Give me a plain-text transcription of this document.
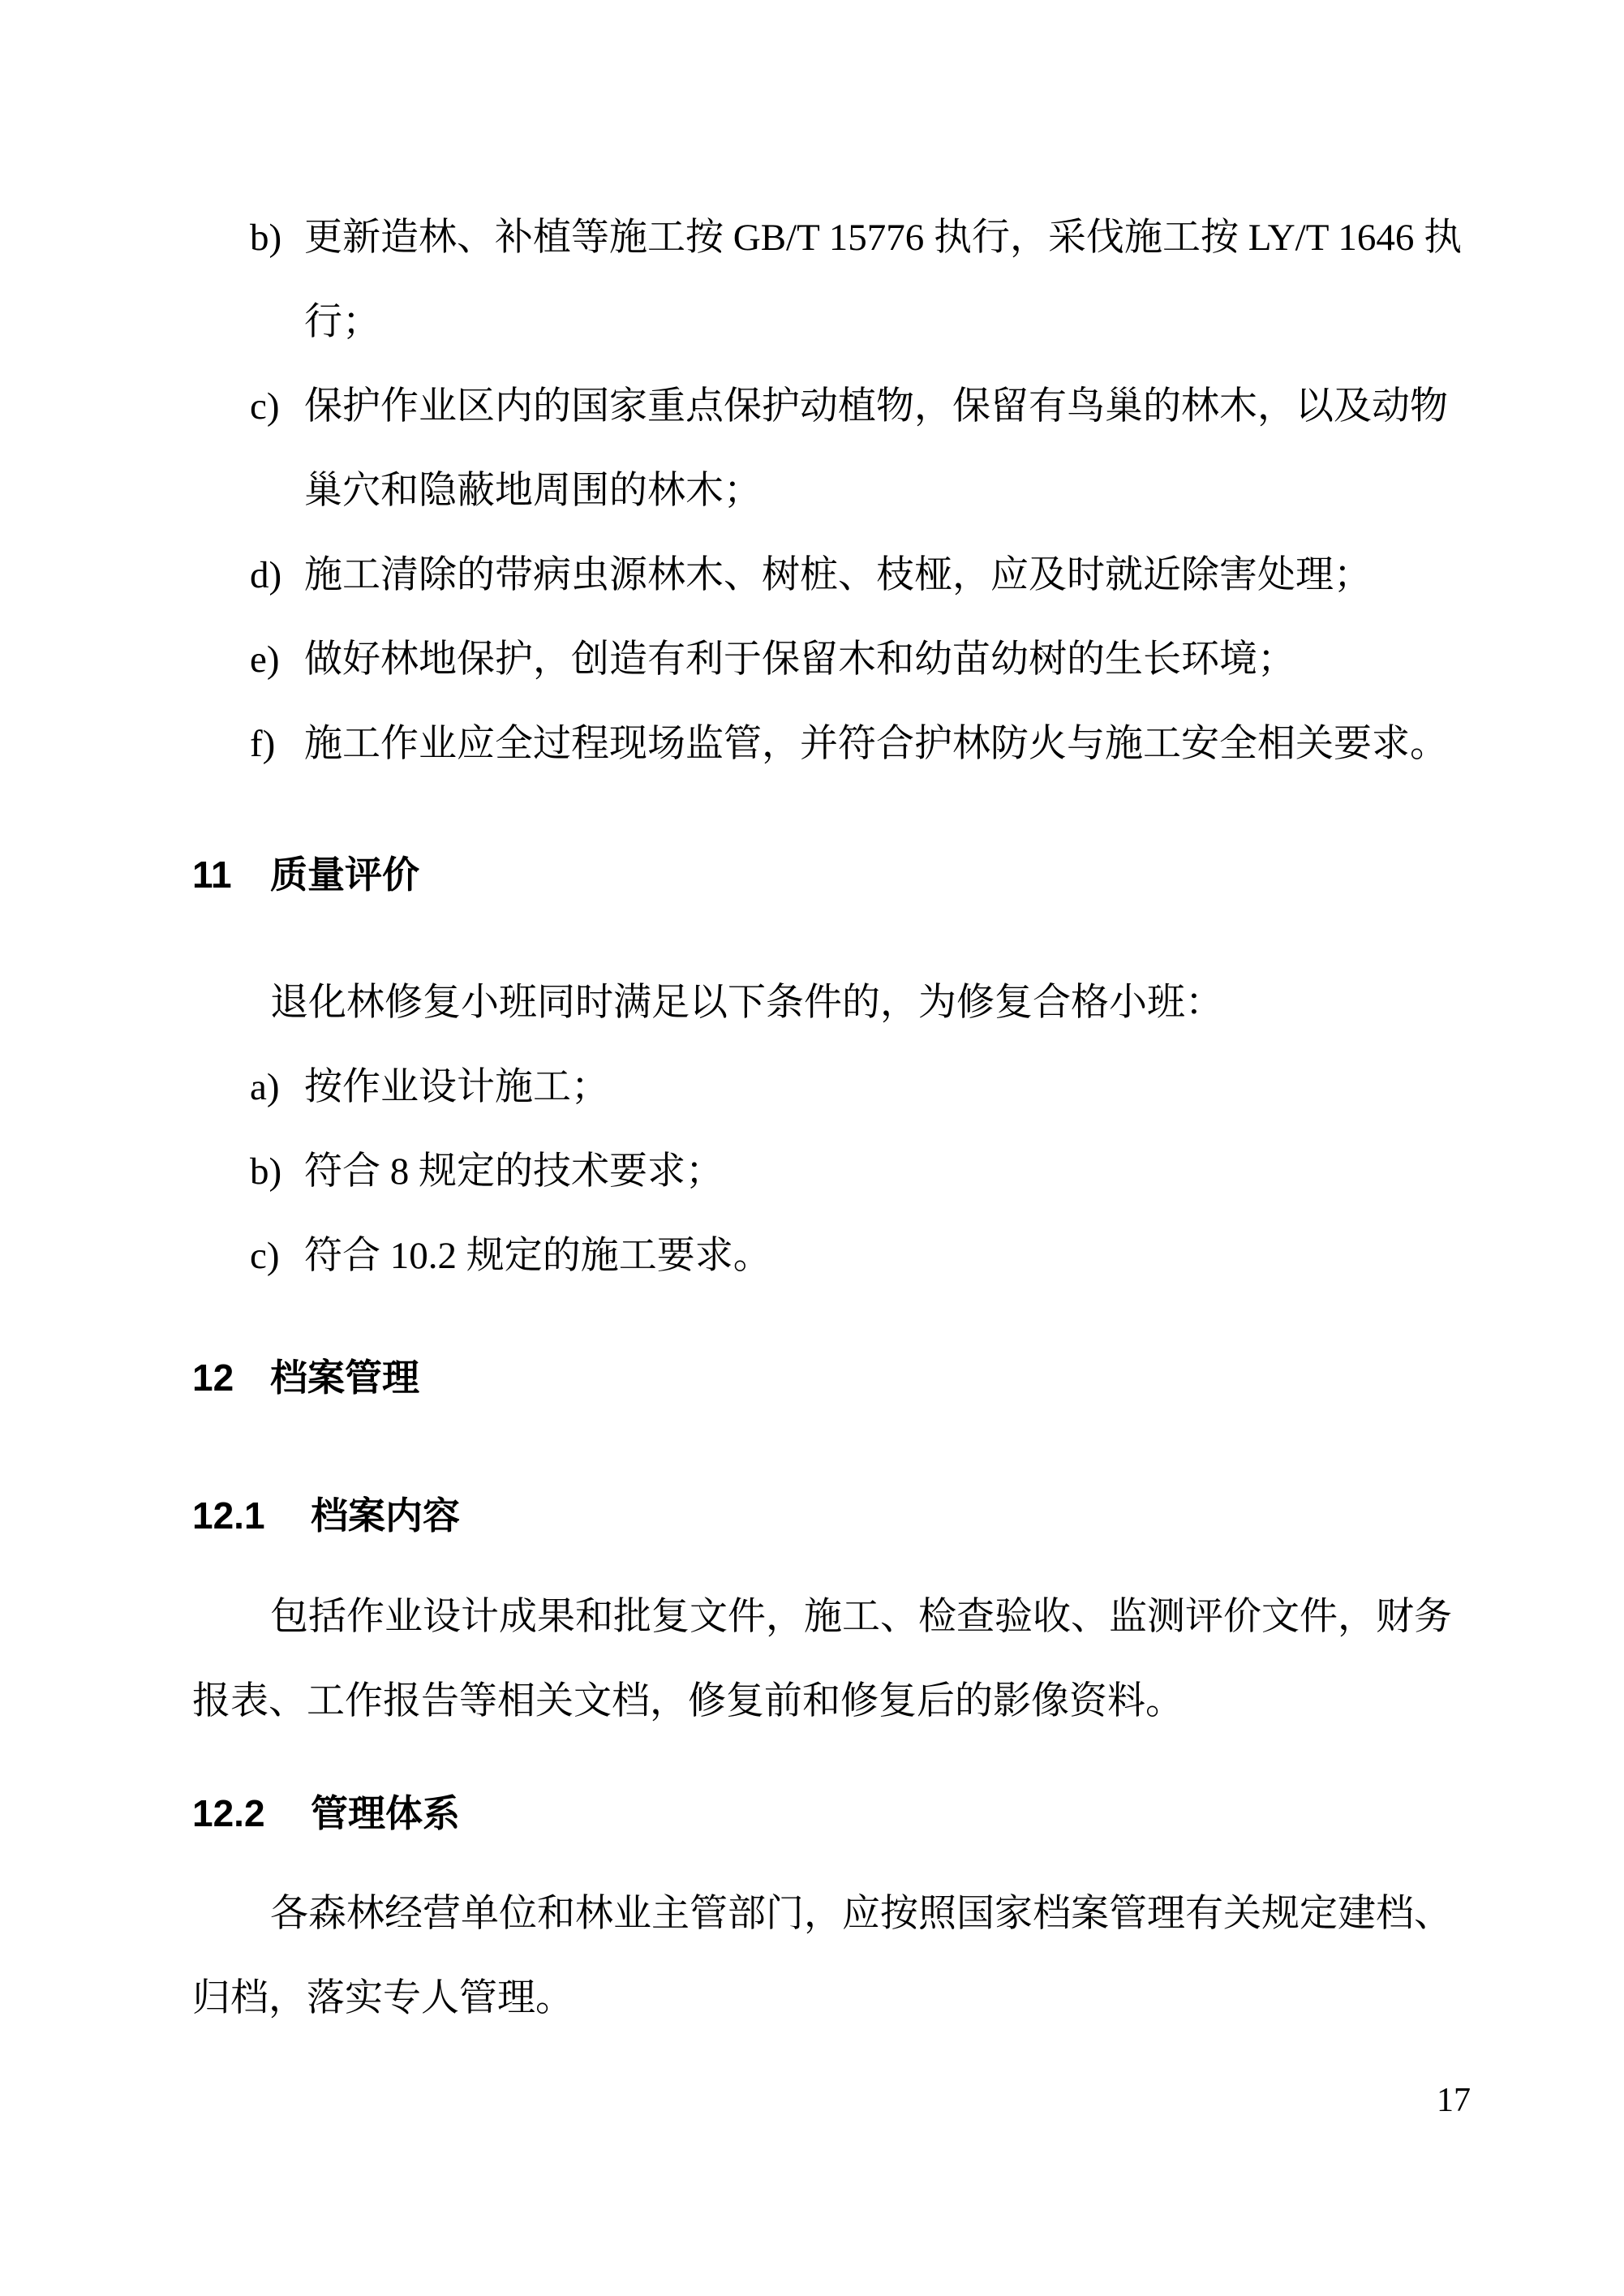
b) 更新造林、补植等施工按 GB/T 15776 执行，采伐施工按 LY/T 1646 执
行；
c) 保护作业区内的国家重点保护动植物，保留有鸟巢的林木，以及动物
巢穴和隐蔽地周围的林木；
d) 施工清除的带病虫源林木、树桩、枝桠，应及时就近除害处理；
e) 做好林地保护，创造有利于保留木和幼苗幼树的生长环境；
f) 施工作业应全过程现场监管，并符合护林防火与施工安全相关要求。
11 质量评价
退化林修复小班同时满足以下条件的，为修复合格小班：
a) 按作业设计施工；
b) 符合 8 规定的技术要求；
c) 符合 10.2 规定的施工要求。
12 档案管理
12.1 档案内容
包括作业设计成果和批复文件，施工、检查验收、监测评价文件，财务
报表、工作报告等相关文档，修复前和修复后的影像资料。
12.2 管理体系
各森林经营单位和林业主管部门，应按照国家档案管理有关规定建档、
归档，落实专人管理。
17
